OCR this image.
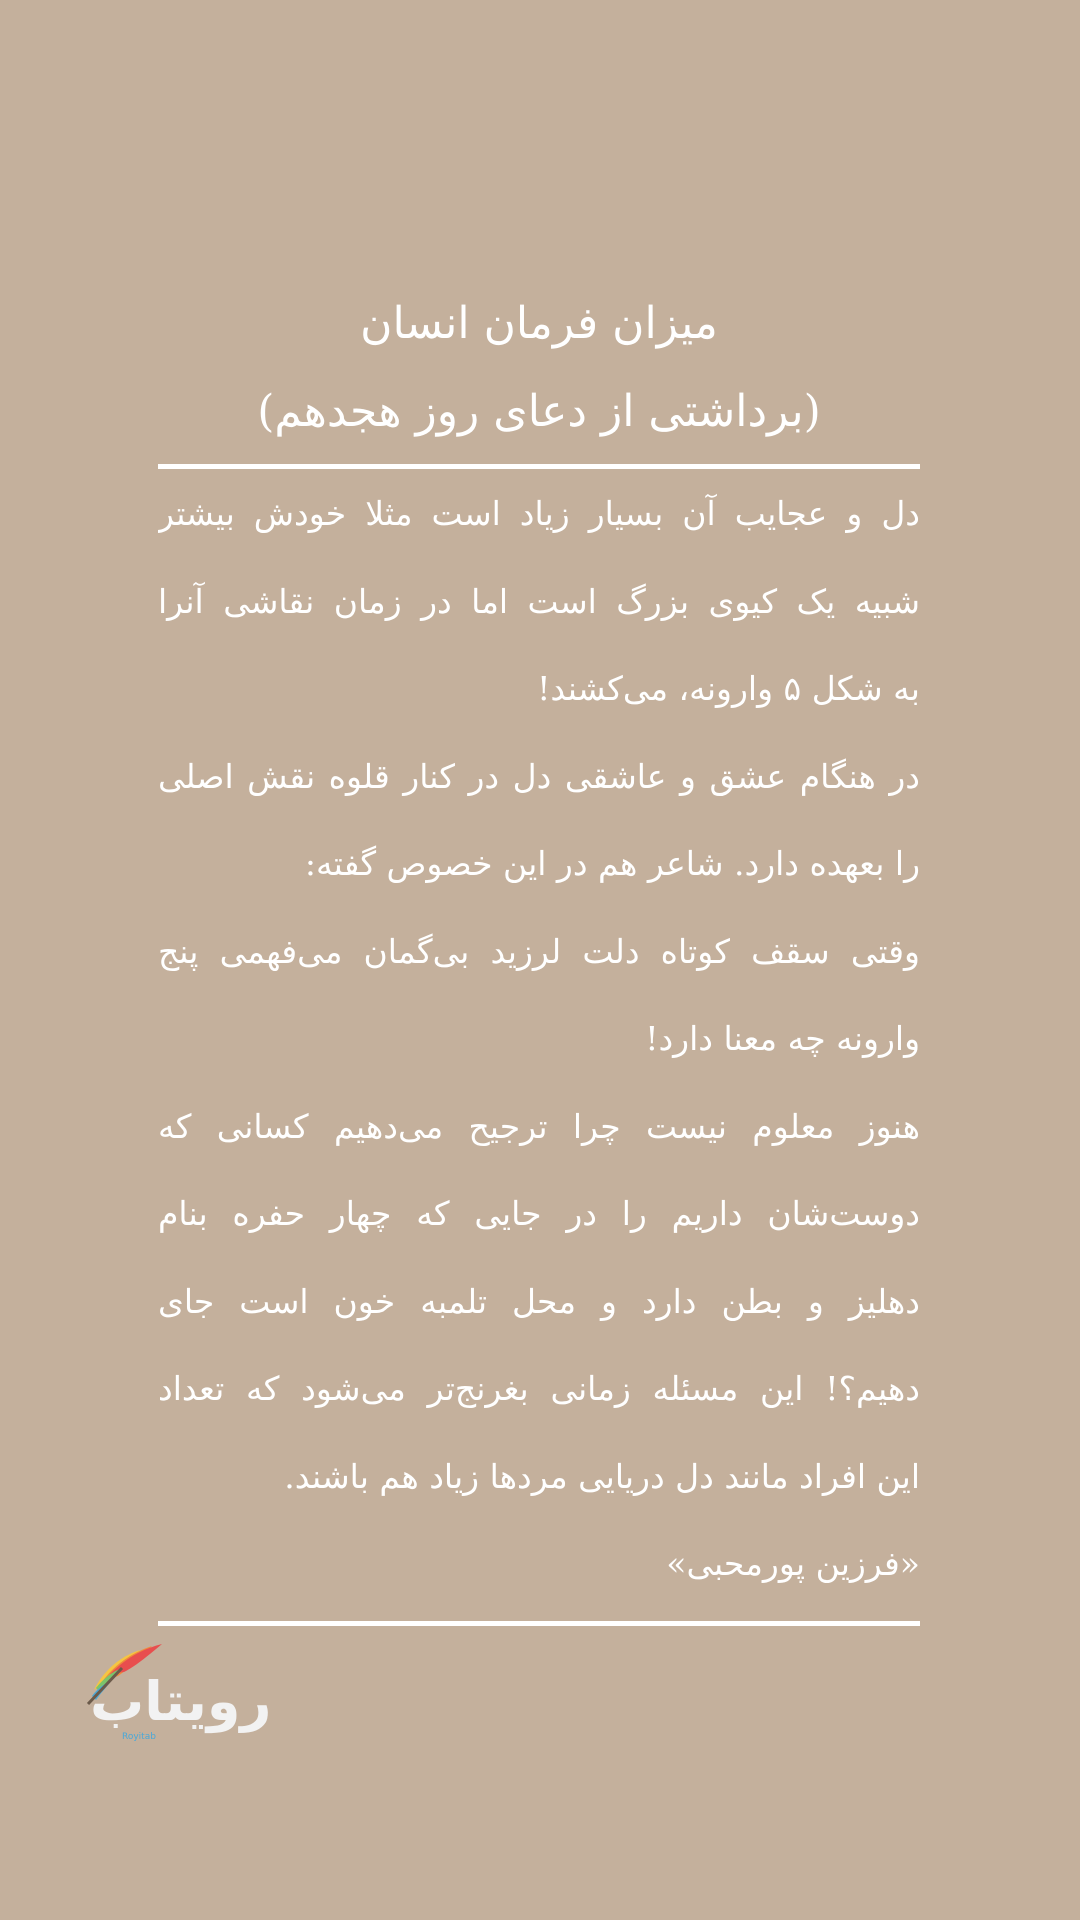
میزان فرمان انسان
(برداشتی از دعای روز هجدهم)
دل و عجایب آن بسیار زیاد است مثلا خودش بیشتر
شبیه یک کیوی بزرگ است اما در زمان نقاشی آنرا
به شکل ۵ وارونه، می‌کشند!
در هنگام عشق و عاشقی دل در کنار قلوه نقش اصلی
را بعهده دارد. شاعر هم در این خصوص گفته:
وقتی سقف کوتاه دلت لرزید بی‌گمان می‌فهمی پنج
وارونه چه معنا دارد!
هنوز معلوم نیست چرا ترجیح می‌دهیم کسانی که
دوست‌شان داریم را در جایی که چهار حفره بنام
دهلیز و بطن دارد و محل تلمبه خون است جای
دهیم؟! این مسئله زمانی بغرنج‌تر می‌شود که تعداد
این افراد مانند دل دریایی مردها زیاد هم باشند.
«فرزین پورمحبی»
رویتاب
Royitab
